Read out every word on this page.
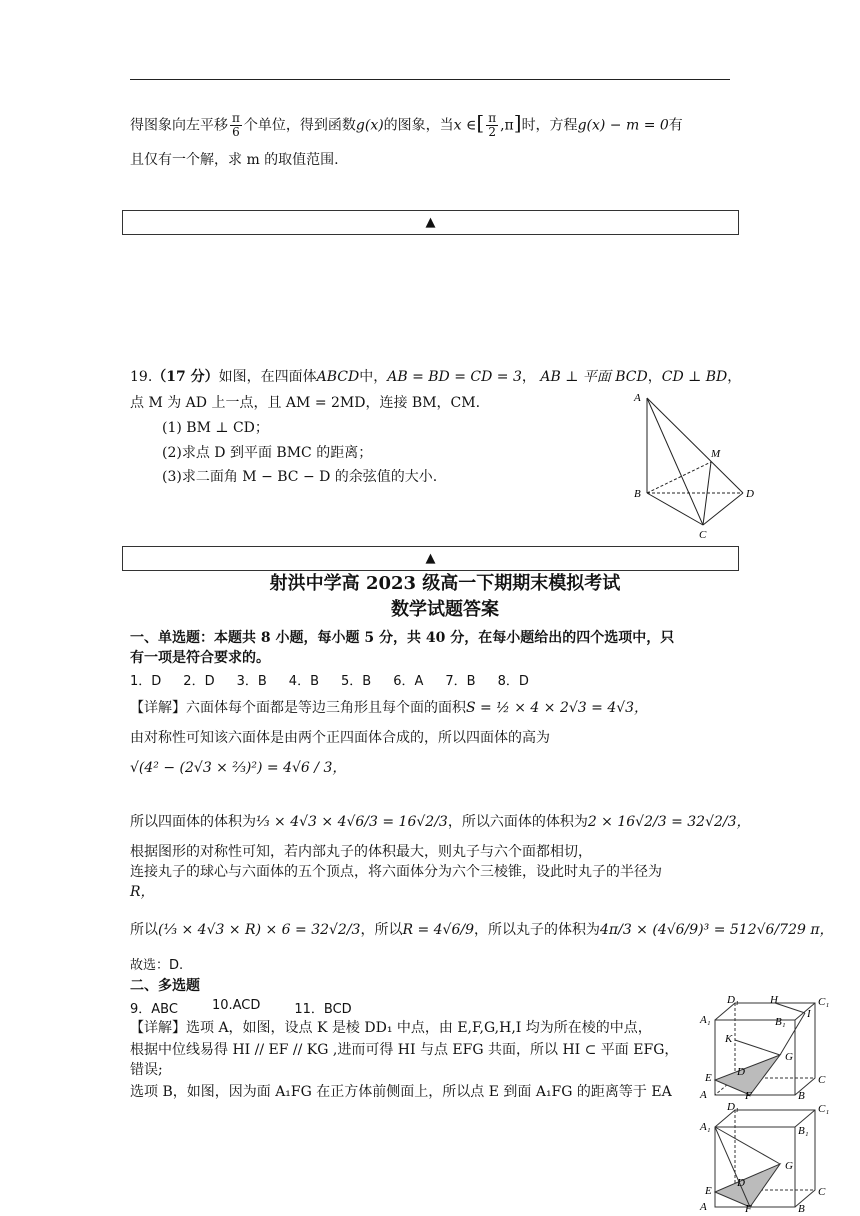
得图象向左平移 $\frac{\pi}{6}$ 个单位，得到函数g(x)的图象，当x ∈[ $\frac{\pi}{2} ,\pi$]时，方程g(x) − m = 0有
且仅有一个解，求 m 的取值范围.
▲
19.（17 分）如图，在四面体ABCD中，AB = BD = CD = 3， AB ⊥ 平面 BCD，CD ⊥ BD，
点 M 为 AD 上一点，且 AM = 2MD，连接 BM，CM.
(1) BM ⊥ CD；
(2)求点 D 到平面 BMC 的距离；
(3)求二面角 M − BC − D 的余弦值的大小.
A
B
C
D
M
▲
射洪中学高 2023 级高一下期期末模拟考试
数学试题答案
一、单选题：本题共 8 小题，每小题 5 分，共 40 分，在每小题给出的四个选项中，只
有一项是符合要求的。
1．D 2．D 3．B 4．B 5．B 6．A 7．B 8．D
【详解】六面体每个面都是等边三角形且每个面的面积S = ½ × 4 × 2√3 = 4√3，
由对称性可知该六面体是由两个正四面体合成的，所以四面体的高为
√(4² − (2√3 × ⅔)²) = 4√6 / 3，
所以四面体的体积为⅓ × 4√3 × 4√6/3 = 16√2/3，所以六面体的体积为2 × 16√2/3 = 32√2/3，
根据图形的对称性可知，若内部丸子的体积最大，则丸子与六个面都相切，
连接丸子的球心与六面体的五个顶点，将六面体分为六个三棱锥，设此时丸子的半径为
R，
所以(⅓ × 4√3 × R) × 6 = 32√2/3，所以R = 4√6/9，所以丸子的体积为4π/3 × (4√6/9)³ = 512√6/729 π，
故选：D.
二、多选题
9．ABC	10.ACD	11．BCD
【详解】选项 A，如图，设点 K 是棱 DD₁ 中点，由 E,F,G,H,I 均为所在棱的中点，
根据中位线易得 HI // EF // KG ,进而可得 HI 与点 EFG 共面，所以 HI ⊂ 平面 EFG，
错误;
选项 B，如图，因为面 A₁FG 在正方体前侧面上，所以点 E 到面 A₁FG 的距离等于 EA
D₁	H	C₁
A₁	B₁
I
K
D
G
E	C
A	F	B
D₁	C₁
A₁	B₁
D
G
E	C
A	F	B
